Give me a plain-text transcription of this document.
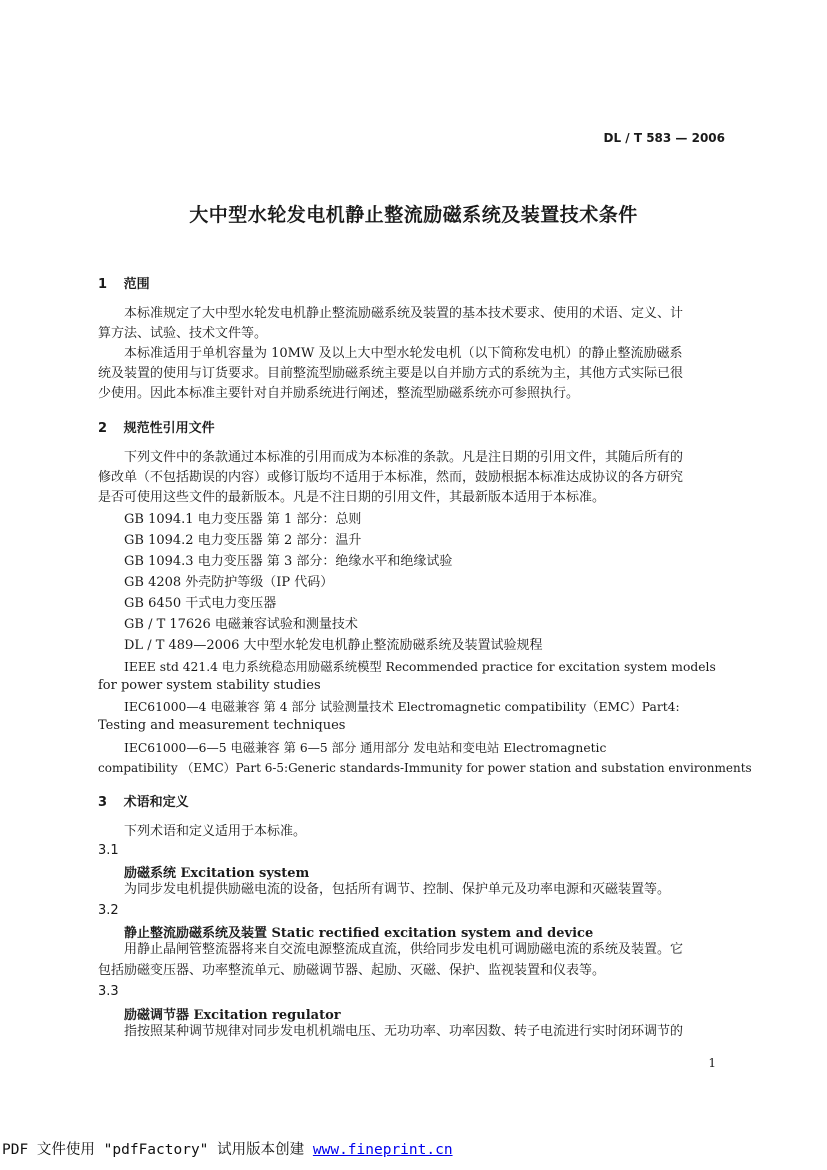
DL / T 583 — 2006
大中型水轮发电机静止整流励磁系统及装置技术条件
1 范围
本标准规定了大中型水轮发电机静止整流励磁系统及装置的基本技术要求、使用的术语、定义、计
算方法、试验、技术文件等。
本标准适用于单机容量为 10MW 及以上大中型水轮发电机（以下简称发电机）的静止整流励磁系
统及装置的使用与订货要求。目前整流型励磁系统主要是以自并励方式的系统为主，其他方式实际已很
少使用。因此本标准主要针对自并励系统进行阐述，整流型励磁系统亦可参照执行。
2 规范性引用文件
下列文件中的条款通过本标准的引用而成为本标准的条款。凡是注日期的引用文件，其随后所有的
修改单（不包括勘误的内容）或修订版均不适用于本标准，然而，鼓励根据本标准达成协议的各方研究
是否可使用这些文件的最新版本。凡是不注日期的引用文件，其最新版本适用于本标准。
GB 1094.1 电力变压器 第 1 部分：总则
GB 1094.2 电力变压器 第 2 部分：温升
GB 1094.3 电力变压器 第 3 部分：绝缘水平和绝缘试验
GB 4208 外壳防护等级（IP 代码）
GB 6450 干式电力变压器
GB / T 17626 电磁兼容试验和测量技术
DL / T 489—2006 大中型水轮发电机静止整流励磁系统及装置试验规程
IEEE std 421.4 电力系统稳态用励磁系统模型 Recommended practice for excitation system models
for power system stability studies
IEC61000—4 电磁兼容 第 4 部分 试验测量技术 Electromagnetic compatibility（EMC）Part4:
Testing and measurement techniques
IEC61000—6—5 电磁兼容 第 6—5 部分 通用部分 发电站和变电站 Electromagnetic
compatibility （EMC）Part 6-5:Generic standards-Immunity for power station and substation environments
3 术语和定义
下列术语和定义适用于本标准。
3.1
励磁系统 Excitation system
为同步发电机提供励磁电流的设备，包括所有调节、控制、保护单元及功率电源和灭磁装置等。
3.2
静止整流励磁系统及装置 Static rectified excitation system and device
用静止晶闸管整流器将来自交流电源整流成直流，供给同步发电机可调励磁电流的系统及装置。它
包括励磁变压器、功率整流单元、励磁调节器、起励、灭磁、保护、监视装置和仪表等。
3.3
励磁调节器 Excitation regulator
指按照某种调节规律对同步发电机机端电压、无功功率、功率因数、转子电流进行实时闭环调节的
1
PDF 文件使用 "pdfFactory" 试用版本创建 www.fineprint.cn
